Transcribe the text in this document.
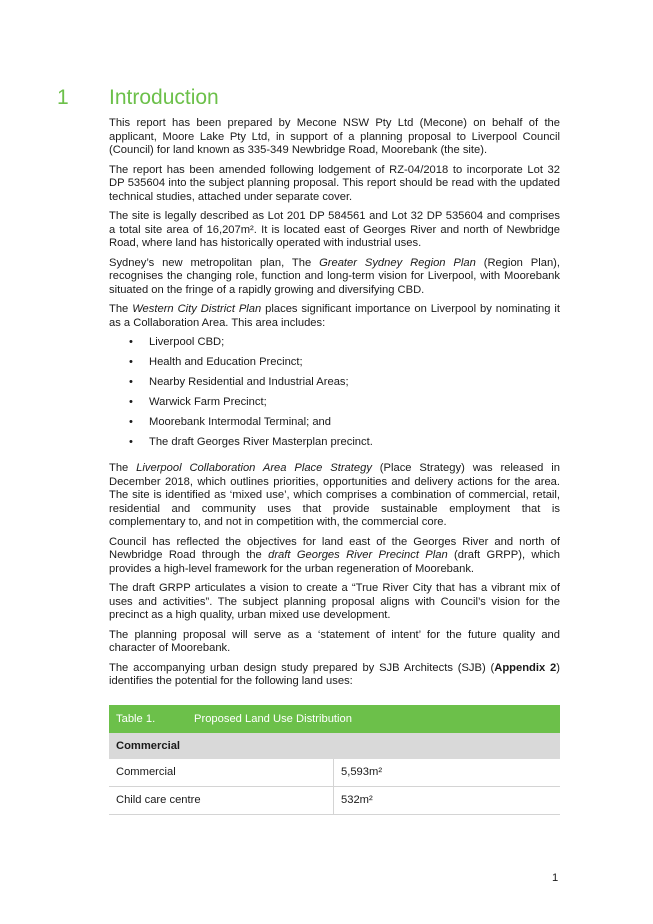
1 Introduction

This report has been prepared by Mecone NSW Pty Ltd (Mecone) on behalf of the applicant, Moore Lake Pty Ltd, in support of a planning proposal to Liverpool Council (Council) for land known as 335-349 Newbridge Road, Moorebank (the site).

The report has been amended following lodgement of RZ-04/2018 to incorporate Lot 32 DP 535604 into the subject planning proposal. This report should be read with the updated technical studies, attached under separate cover.

The site is legally described as Lot 201 DP 584561 and Lot 32 DP 535604 and comprises a total site area of 16,207m². It is located east of Georges River and north of Newbridge Road, where land has historically operated with industrial uses.

Sydney’s new metropolitan plan, The Greater Sydney Region Plan (Region Plan), recognises the changing role, function and long-term vision for Liverpool, with Moorebank situated on the fringe of a rapidly growing and diversifying CBD.

The Western City District Plan places significant importance on Liverpool by nominating it as a Collaboration Area. This area includes:

• Liverpool CBD;
• Health and Education Precinct;
• Nearby Residential and Industrial Areas;
• Warwick Farm Precinct;
• Moorebank Intermodal Terminal; and
• The draft Georges River Masterplan precinct.

The Liverpool Collaboration Area Place Strategy (Place Strategy) was released in December 2018, which outlines priorities, opportunities and delivery actions for the area. The site is identified as ‘mixed use’, which comprises a combination of commercial, retail, residential and community uses that provide sustainable employment that is complementary to, and not in competition with, the commercial core.

Council has reflected the objectives for land east of the Georges River and north of Newbridge Road through the draft Georges River Precinct Plan (draft GRPP), which provides a high-level framework for the urban regeneration of Moorebank.

The draft GRPP articulates a vision to create a “True River City that has a vibrant mix of uses and activities”. The subject planning proposal aligns with Council’s vision for the precinct as a high quality, urban mixed use development.

The planning proposal will serve as a ‘statement of intent’ for the future quality and character of Moorebank.

The accompanying urban design study prepared by SJB Architects (SJB) (Appendix 2) identifies the potential for the following land uses:

Table 1.	Proposed Land Use Distribution
Commercial
Commercial	5,593m²
Child care centre	532m²
1
